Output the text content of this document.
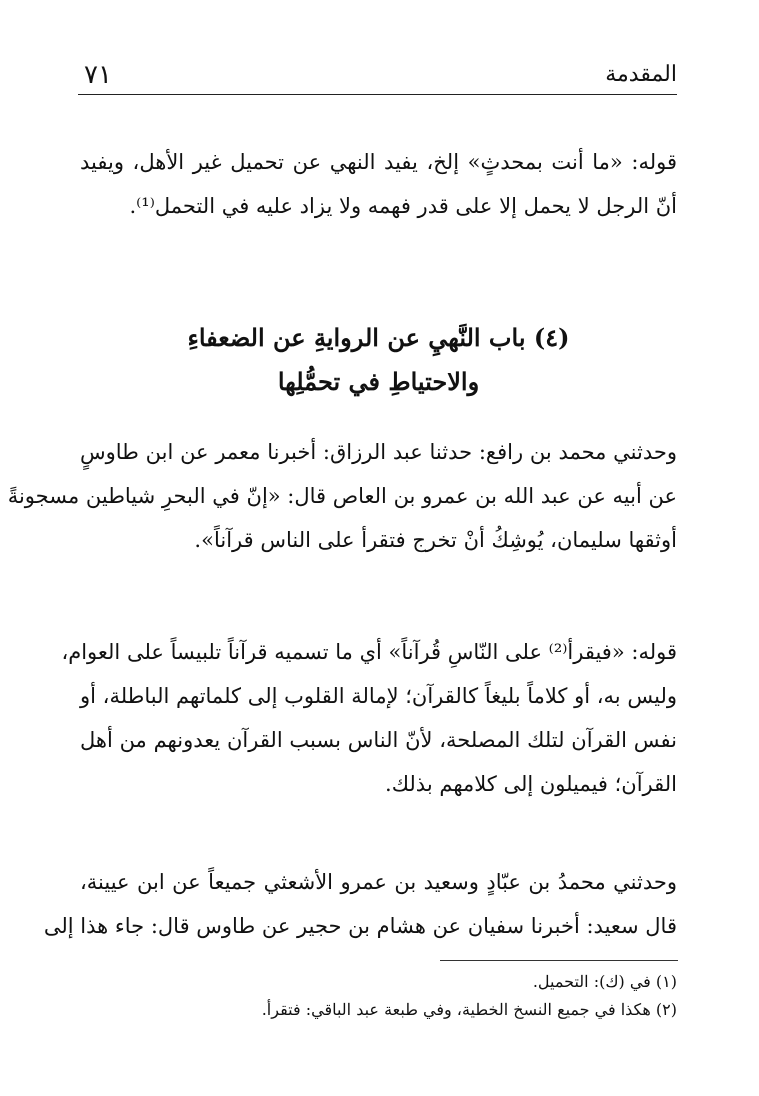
المقدمة
٧١
قوله: «ما أنت بمحدثٍ» إلخ، يفيد النهي عن تحميل غير الأهل، ويفيد
أنّ الرجل لا يحمل إلا على قدر فهمه ولا يزاد عليه في التحمل⁽¹⁾.
(٤) باب النَّهيِ عن الروايةِ عن الضعفاءِ
والاحتياطِ في تحمُّلِها
وحدثني محمد بن رافع: حدثنا عبد الرزاق: أخبرنا معمر عن ابن طاوسٍ
عن أبيه عن عبد الله بن عمرو بن العاص قال: «إنّ في البحرِ شياطين مسجونةً
أوثقها سليمان، يُوشِكُ أنْ تخرج فتقرأ على الناس قرآناً».
قوله: «فيقرأ⁽²⁾ على النّاسِ قُرآناً» أي ما تسميه قرآناً تلبيساً على العوام،
وليس به، أو كلاماً بليغاً كالقرآن؛ لإمالة القلوب إلى كلماتهم الباطلة، أو
نفس القرآن لتلك المصلحة، لأنّ الناس بسبب القرآن يعدونهم من أهل
القرآن؛ فيميلون إلى كلامهم بذلك.
وحدثني محمدُ بن عبّادٍ وسعيد بن عمرو الأشعثي جميعاً عن ابن عيينة،
قال سعيد: أخبرنا سفيان عن هشام بن حجير عن طاوس قال: جاء هذا إلى
(١) في (ك): التحميل.
(٢) هكذا في جميع النسخ الخطية، وفي طبعة عبد الباقي: فتقرأ.
